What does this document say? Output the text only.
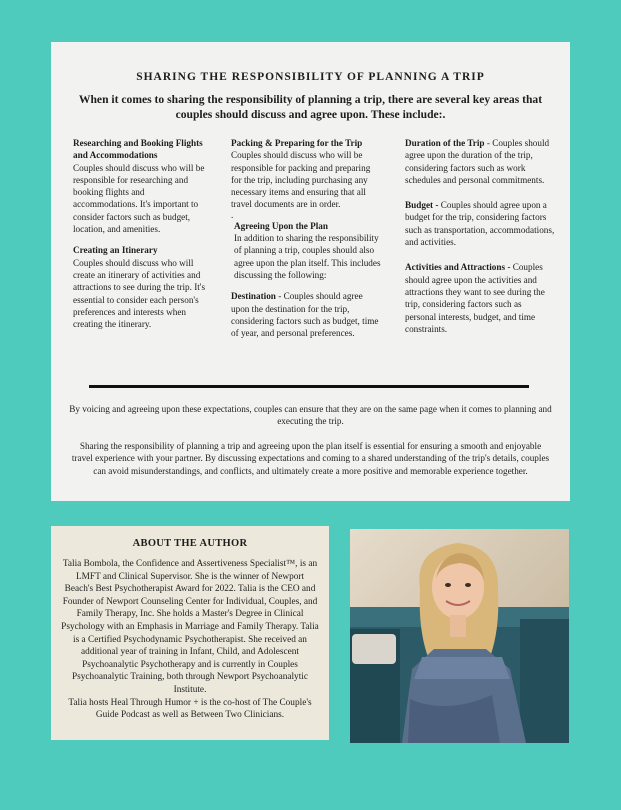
SHARING THE RESPONSIBILITY OF PLANNING A TRIP
When it comes to sharing the responsibility of planning a trip, there are several key areas that couples should discuss and agree upon. These include:.

Researching and Booking Flights and Accommodations

Couples should discuss who will be responsible for researching and booking flights and accommodations. It's important to consider factors such as budget, location, and amenities.

Creating an Itinerary

Couples should discuss who will create an itinerary of activities and attractions to see during the trip. It's essential to consider each person's preferences and interests when creating the itinerary.

Packing & Preparing for the Trip

Couples should discuss who will be responsible for packing and preparing for the trip, including purchasing any necessary items and ensuring that all travel documents are in order.

.

Agreeing Upon the Plan

In addition to sharing the responsibility of planning a trip, couples should also agree upon the plan itself. This includes discussing the following:

Destination - Couples should agree upon the destination for the trip, considering factors such as budget, time of year, and personal preferences.

Duration of the Trip - Couples should agree upon the duration of the trip, considering factors such as work schedules and personal commitments.

Budget - Couples should agree upon a budget for the trip, considering factors such as transportation, accommodations, and activities.

Activities and Attractions - Couples should agree upon the activities and attractions they want to see during the trip, considering factors such as personal interests, budget, and time constraints.

By voicing and agreeing upon these expectations, couples can ensure that they are on the same page when it comes to planning and executing the trip.
Sharing the responsibility of planning a trip and agreeing upon the plan itself is essential for ensuring a smooth and enjoyable travel experience with your partner. By discussing expectations and coming to a shared understanding of the trip's details, couples can avoid misunderstandings, and conflicts, and ultimately create a more positive and memorable experience together.
ABOUT THE AUTHOR
Talia Bombola, the Confidence and Assertiveness Specialist™, is an LMFT and Clinical Supervisor. She is the winner of Newport Beach's Best Psychotherapist Award for 2022. Talia is the CEO and Founder of Newport Counseling Center for Individual, Couples, and Family Therapy, Inc. She holds a Master's Degree in Clinical Psychology with an Emphasis in Marriage and Family Therapy. Talia is a Certified Psychodynamic Psychotherapist. She received an additional year of training in Infant, Child, and Adolescent Psychoanalytic Psychotherapy and is currently in Couples Psychoanalytic Training, both through Newport Psychoanalytic Institute.
Talia hosts Heal Through Humor + is the co-host of The Couple's Guide Podcast as well as Between Two Clinicians.
